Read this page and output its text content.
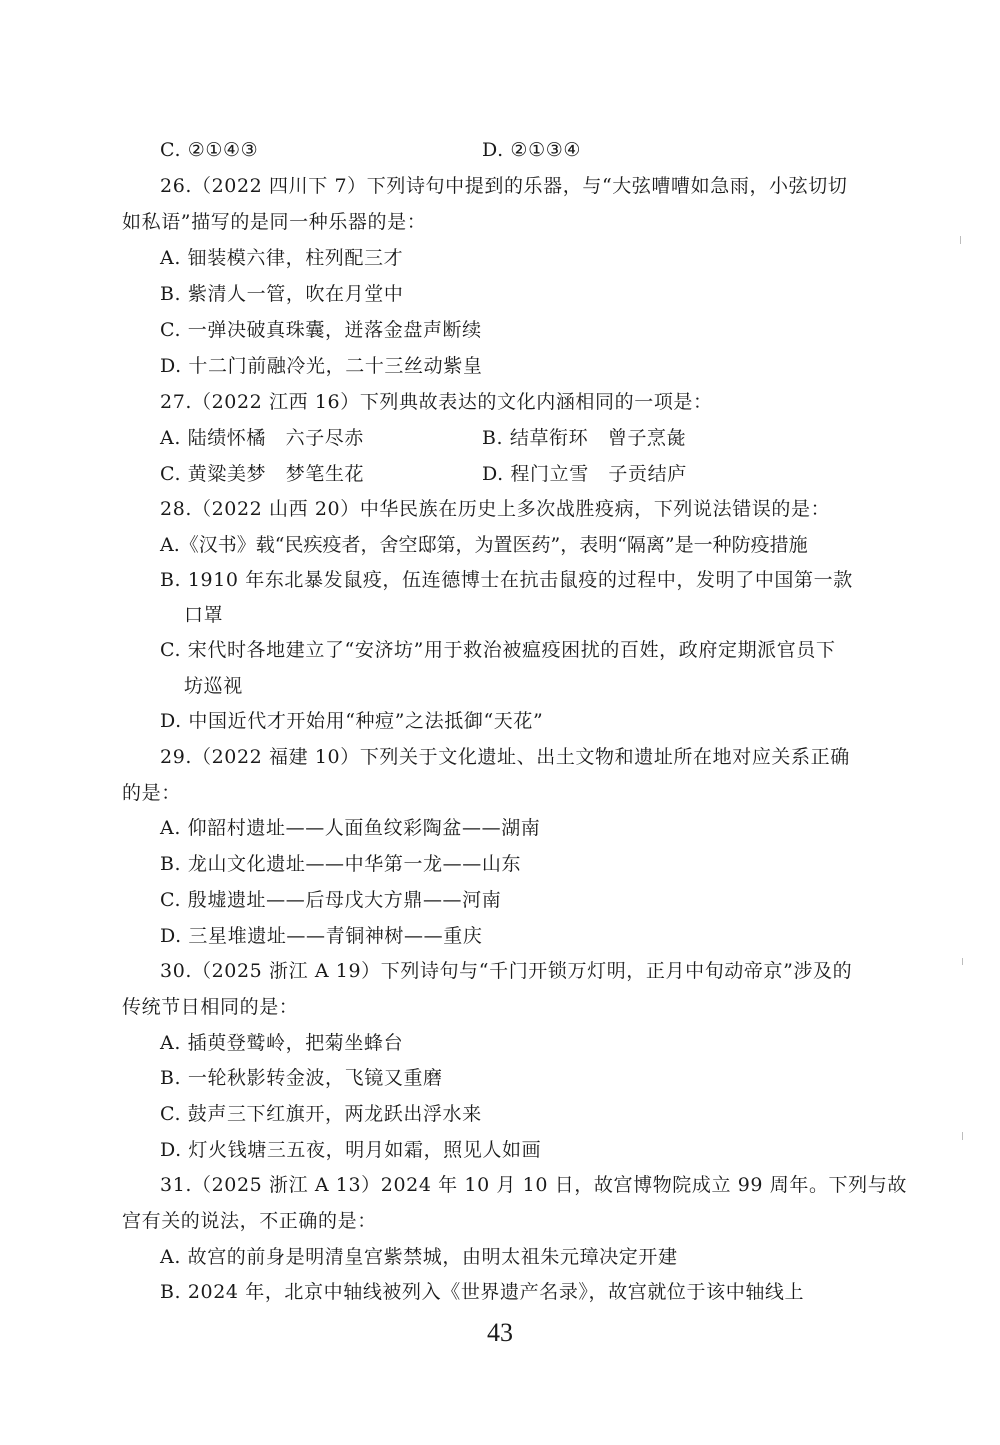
C. ②①④③	D. ②①③④
26.（2022 四川下 7）下列诗句中提到的乐器，与“大弦嘈嘈如急雨，小弦切切
如私语”描写的是同一种乐器的是：
A. 钿装模六律，柱列配三才
B. 紫清人一管，吹在月堂中
C. 一弹决破真珠囊，迸落金盘声断续
D. 十二门前融冷光，二十三丝动紫皇
27.（2022 江西 16）下列典故表达的文化内涵相同的一项是：
A. 陆绩怀橘　六子尽赤	B. 结草衔环　曾子烹彘
C. 黄粱美梦　梦笔生花	D. 程门立雪　子贡结庐
28.（2022 山西 20）中华民族在历史上多次战胜疫病，下列说法错误的是：
A.《汉书》载“民疾疫者，舍空邸第，为置医药”，表明“隔离”是一种防疫措施
B. 1910 年东北暴发鼠疫，伍连德博士在抗击鼠疫的过程中，发明了中国第一款
口罩
C. 宋代时各地建立了“安济坊”用于救治被瘟疫困扰的百姓，政府定期派官员下
坊巡视
D. 中国近代才开始用“种痘”之法抵御“天花”
29.（2022 福建 10）下列关于文化遗址、出土文物和遗址所在地对应关系正确
的是：
A. 仰韶村遗址——人面鱼纹彩陶盆——湖南
B. 龙山文化遗址——中华第一龙——山东
C. 殷墟遗址——后母戊大方鼎——河南
D. 三星堆遗址——青铜神树——重庆
30.（2025 浙江 A 19）下列诗句与“千门开锁万灯明，正月中旬动帝京”涉及的
传统节日相同的是：
A. 插萸登鹫岭，把菊坐蜂台
B. 一轮秋影转金波，飞镜又重磨
C. 鼓声三下红旗开，两龙跃出浮水来
D. 灯火钱塘三五夜，明月如霜，照见人如画
31.（2025 浙江 A 13）2024 年 10 月 10 日，故宫博物院成立 99 周年。下列与故
宫有关的说法，不正确的是：
A. 故宫的前身是明清皇宫紫禁城，由明太祖朱元璋决定开建
B. 2024 年，北京中轴线被列入《世界遗产名录》，故宫就位于该中轴线上
43
